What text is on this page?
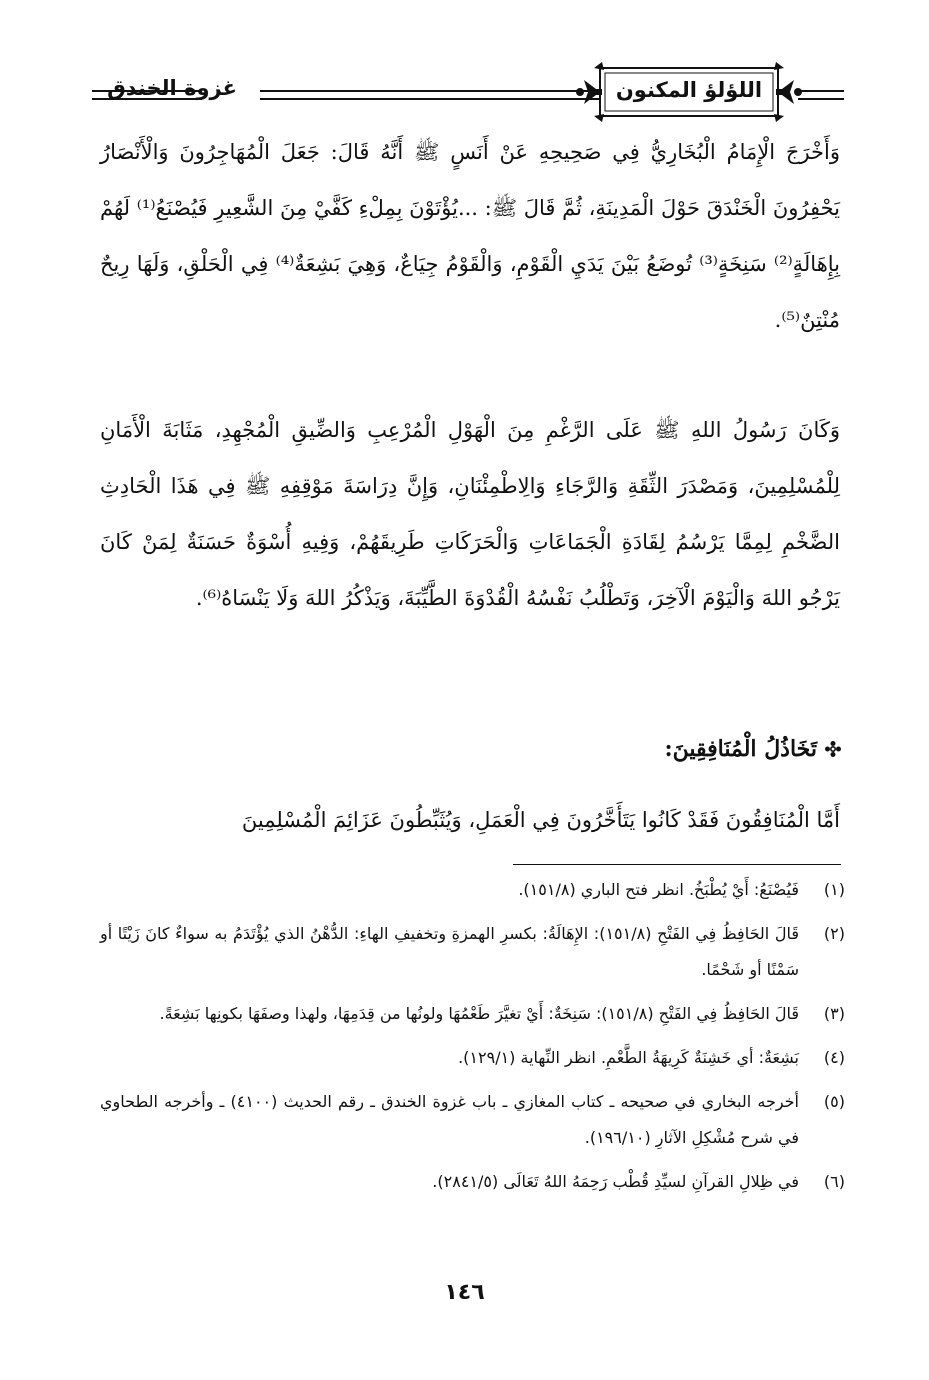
غزوة الخندق	اللؤلؤ المكنون
وَأَخْرَجَ الْإِمَامُ الْبُخَارِيُّ فِي صَحِيحِهِ عَنْ أَنَسٍ ﷺ أَنَّهُ قَالَ: جَعَلَ الْمُهَاجِرُونَ وَالْأَنْصَارُ يَحْفِرُونَ الْخَنْدَقَ حَوْلَ الْمَدِينَةِ، ثُمَّ قَالَ ﷺ: ...يُؤْتَوْنَ بِمِلْءِ كَفَّيْ مِنَ الشَّعِيرِ فَيُصْنَعُ⁽¹⁾ لَهُمْ بِإِهَالَةٍ⁽²⁾ سَنِخَةٍ⁽³⁾ تُوضَعُ بَيْنَ يَدَيِ الْقَوْمِ، وَالْقَوْمُ جِيَاعٌ، وَهِيَ بَشِعَةٌ⁽⁴⁾ فِي الْحَلْقِ، وَلَهَا رِيحٌ مُنْتِنٌ⁽⁵⁾.
وَكَانَ رَسُولُ اللهِ ﷺ عَلَى الرَّغْمِ مِنَ الْهَوْلِ الْمُرْعِبِ وَالضِّيقِ الْمُجْهِدِ، مَثَابَةَ الْأَمَانِ لِلْمُسْلِمِينَ، وَمَصْدَرَ الثِّقَةِ وَالرَّجَاءِ وَالِاطْمِئْنَانِ، وَإِنَّ دِرَاسَةَ مَوْقِفِهِ ﷺ فِي هَذَا الْحَادِثِ الضَّخْمِ لِمِمَّا يَرْسُمُ لِقَادَةِ الْجَمَاعَاتِ وَالْحَرَكَاتِ طَرِيقَهُمْ، وَفِيهِ أُسْوَةٌ حَسَنَةٌ لِمَنْ كَانَ يَرْجُو اللهَ وَالْيَوْمَ الْآخِرَ، وَتَطْلُبُ نَفْسُهُ الْقُدْوَةَ الطَّيِّبَةَ، وَيَذْكُرُ اللهَ وَلَا يَنْسَاهُ⁽⁶⁾.
تَخَاذُلُ الْمُنَافِقِينَ:
أَمَّا الْمُنَافِقُونَ فَقَدْ كَانُوا يَتَأَخَّرُونَ فِي الْعَمَلِ، وَيُثَبِّطُونَ عَزَائِمَ الْمُسْلِمِينَ
(١)
فَيُصْنَعُ: أَيْ يُطْبَخُ. انظر فتح الباري (١٥١/٨).
(٢)
قَالَ الحَافِظُ فِي الفَتْحِ (١٥١/٨): الإِهَالَةُ: بكسرِ الهمزةِ وتخفيفِ الهاءِ: الدُّهْنُ الذي يُؤْتَدَمُ به سواءٌ كانَ زَيْتًا أو سَمْنًا أو شَحْمًا.
(٣)
قَالَ الحَافِظُ فِي الفَتْحِ (١٥١/٨): سَنِخَةٌ: أَيْ تغيَّرَ طَعْمُهَا ولونُها من قِدَمِهَا، ولهذا وصفَهَا بكونِها بَشِعَةً.
(٤)
بَشِعَةٌ: أي خَشِنَةٌ كَرِيهَةُ الطَّعْمِ. انظر النِّهاية (١٢٩/١).
(٥)
أخرجه البخاري في صحيحه ـ كتاب المغازي ـ باب غزوة الخندق ـ رقم الحديث (٤١٠٠) ـ وأخرجه الطحاوي في شرح مُشْكِلِ الآثارِ (١٩٦/١٠).
(٦)
في ظِلالِ القرآنِ لسيِّدِ قُطْب رَحِمَهُ اللهُ تَعَالَى (٢٨٤١/٥).
١٤٦
